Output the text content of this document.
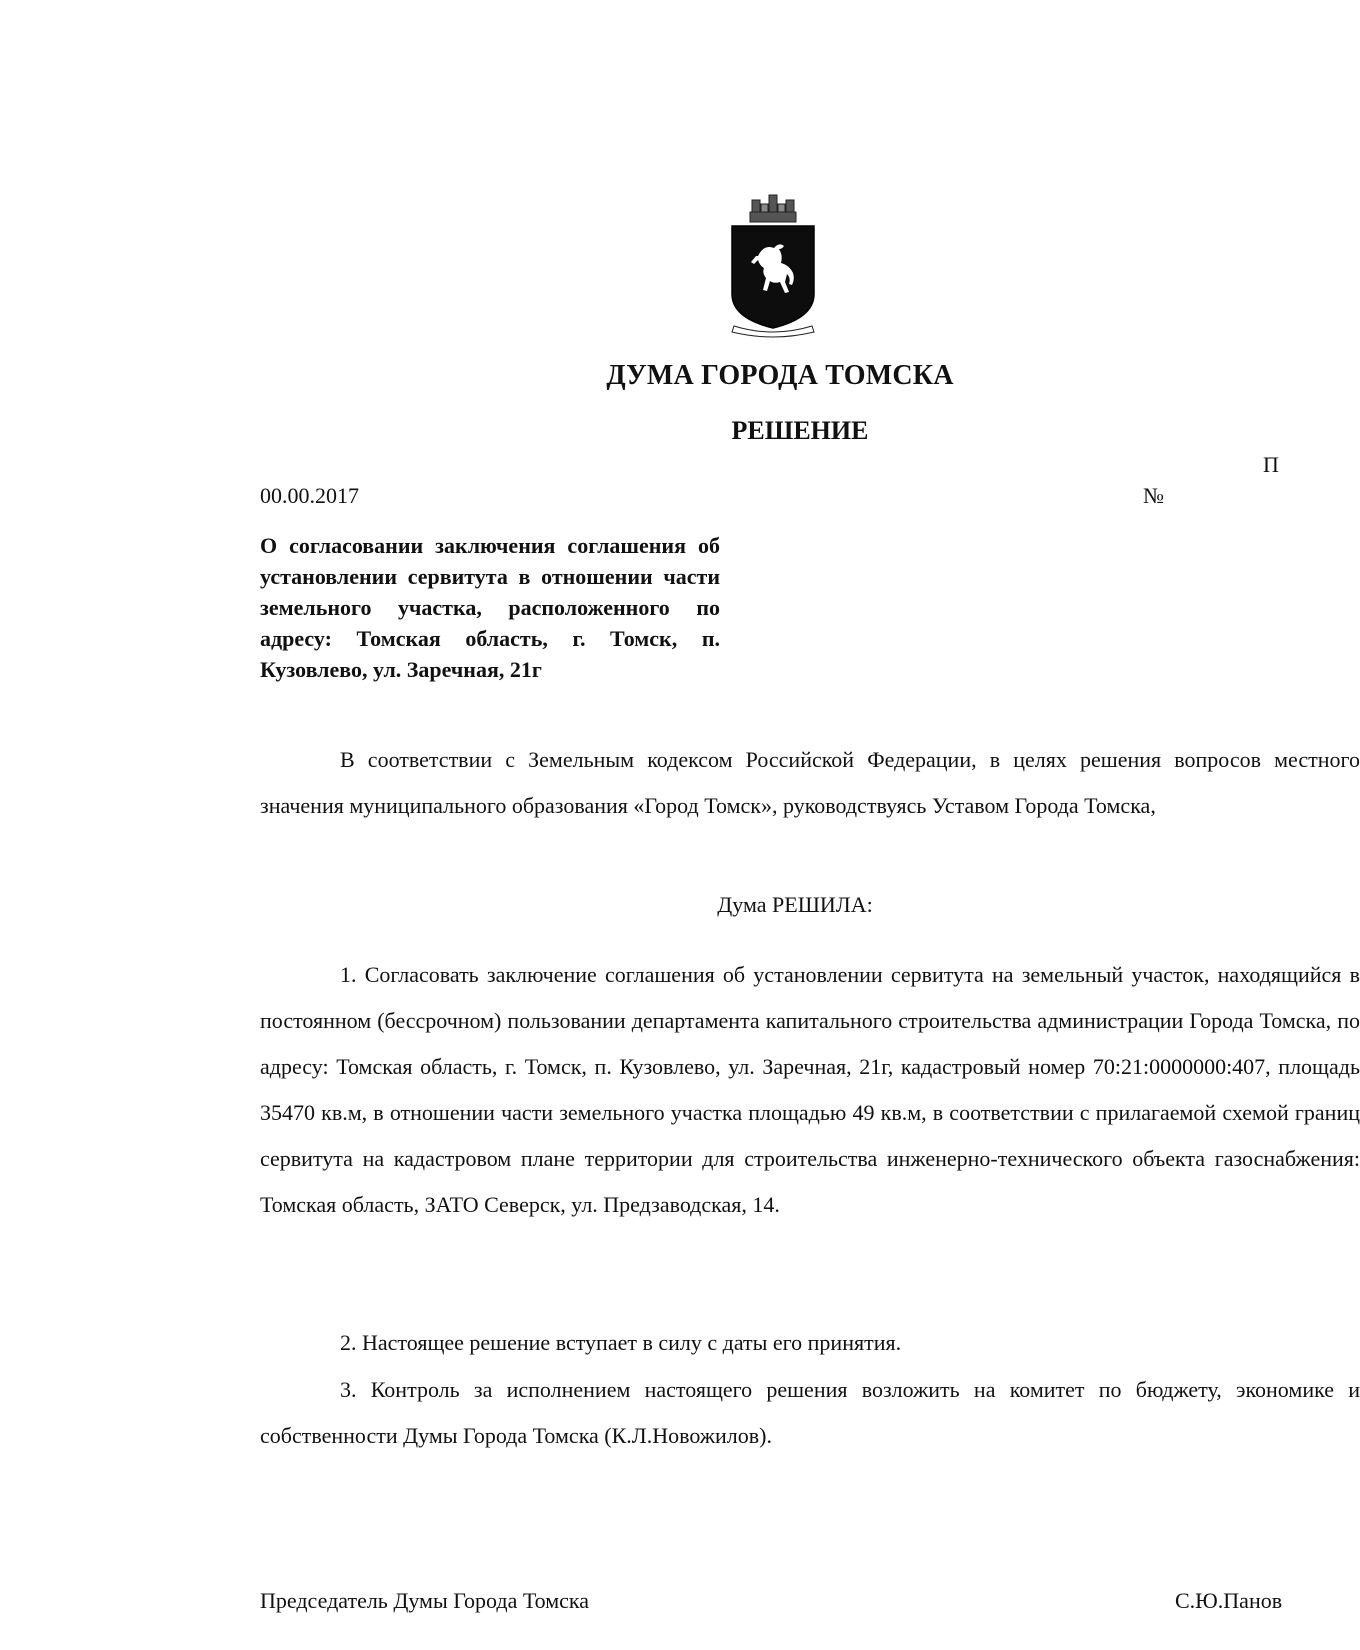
ДУМА ГОРОДА ТОМСКА
РЕШЕНИЕ
П
00.00.2017	№
О согласовании заключения соглашения об установлении сервитута в отношении части земельного участка, расположенного по адресу: Томская область, г. Томск, п. Кузовлево, ул. Заречная, 21г
В соответствии с Земельным кодексом Российской Федерации, в целях решения вопросов местного значения муниципального образования «Город Томск», руководствуясь Уставом Города Томска,
Дума РЕШИЛА:
1. Согласовать заключение соглашения об установлении сервитута на земельный участок, находящийся в постоянном (бессрочном) пользовании департамента капитального строительства администрации Города Томска, по адресу: Томская область, г. Томск, п. Кузовлево, ул. Заречная, 21г, кадастровый номер 70:21:0000000:407, площадь 35470 кв.м, в отношении части земельного участка площадью 49 кв.м, в соответствии с прилагаемой схемой границ сервитута на кадастровом плане территории для строительства инженерно-технического объекта газоснабжения: Томская область, ЗАТО Северск, ул. Предзаводская, 14.
2. Настоящее решение вступает в силу с даты его принятия.
3. Контроль за исполнением настоящего решения возложить на комитет по бюджету, экономике и собственности Думы Города Томска (К.Л.Новожилов).
Председатель Думы Города Томска	С.Ю.Панов
